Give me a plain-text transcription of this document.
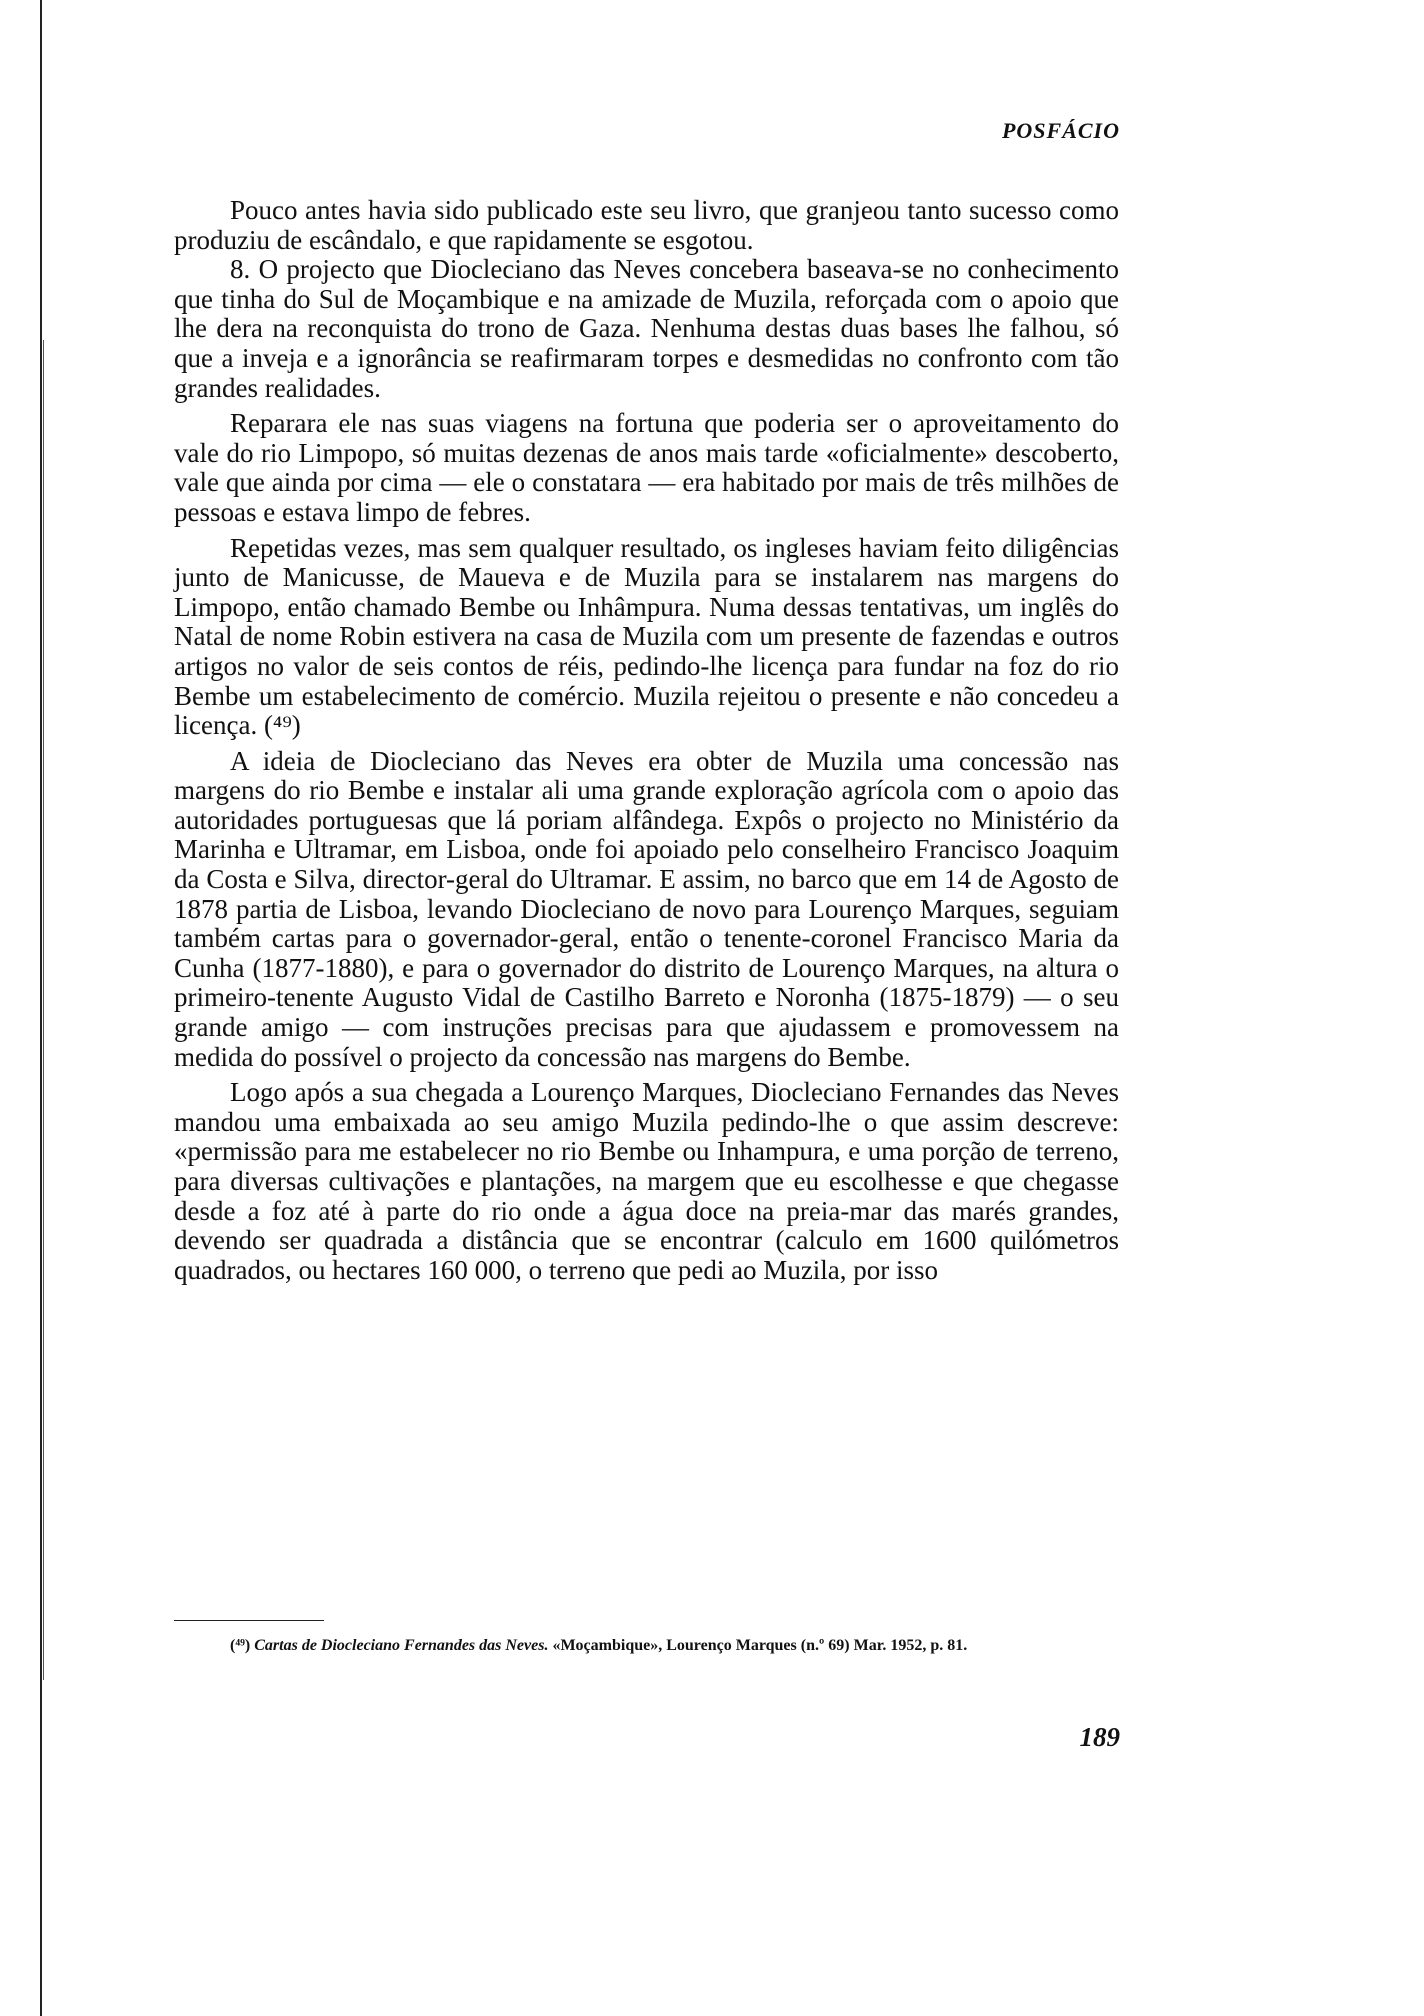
POSFÁCIO

Pouco antes havia sido publicado este seu livro, que granjeou tanto sucesso como produziu de escândalo, e que rapidamente se esgotou.

8. O projecto que Diocleciano das Neves concebera baseava-se no conhecimento que tinha do Sul de Moçambique e na amizade de Muzila, reforçada com o apoio que lhe dera na reconquista do trono de Gaza. Nenhuma destas duas bases lhe falhou, só que a inveja e a ignorância se reafirmaram torpes e desmedidas no confronto com tão grandes realidades.

Reparara ele nas suas viagens na fortuna que poderia ser o aproveitamento do vale do rio Limpopo, só muitas dezenas de anos mais tarde «oficialmente» descoberto, vale que ainda por cima — ele o constatara — era habitado por mais de três milhões de pessoas e estava limpo de febres.

Repetidas vezes, mas sem qualquer resultado, os ingleses haviam feito diligências junto de Manicusse, de Maueva e de Muzila para se instalarem nas margens do Limpopo, então chamado Bembe ou Inhâmpura. Numa dessas tentativas, um inglês do Natal de nome Robin estivera na casa de Muzila com um presente de fazendas e outros artigos no valor de seis contos de réis, pedindo-lhe licença para fundar na foz do rio Bembe um estabelecimento de comércio. Muzila rejeitou o presente e não concedeu a licença. (⁴⁹)

A ideia de Diocleciano das Neves era obter de Muzila uma concessão nas margens do rio Bembe e instalar ali uma grande exploração agrícola com o apoio das autoridades portuguesas que lá poriam alfândega. Expôs o projecto no Ministério da Marinha e Ultramar, em Lisboa, onde foi apoiado pelo conselheiro Francisco Joaquim da Costa e Silva, director-geral do Ultramar. E assim, no barco que em 14 de Agosto de 1878 partia de Lisboa, levando Diocleciano de novo para Lourenço Marques, seguiam também cartas para o governador-geral, então o tenente-coronel Francisco Maria da Cunha (1877-1880), e para o governador do distrito de Lourenço Marques, na altura o primeiro-tenente Augusto Vidal de Castilho Barreto e Noronha (1875-1879) — o seu grande amigo — com instruções precisas para que ajudassem e promovessem na medida do possível o projecto da concessão nas margens do Bembe.

Logo após a sua chegada a Lourenço Marques, Diocleciano Fernandes das Neves mandou uma embaixada ao seu amigo Muzila pedindo-lhe o que assim descreve: «permissão para me estabelecer no rio Bembe ou Inhampura, e uma porção de terreno, para diversas cultivações e plantações, na margem que eu escolhesse e que chegasse desde a foz até à parte do rio onde a água doce na preia-mar das marés grandes, devendo ser quadrada a distância que se encontrar (calculo em 1600 quilómetros quadrados, ou hectares 160 000, o terreno que pedi ao Muzila, por isso

(⁴⁹) Cartas de Diocleciano Fernandes das Neves. «Moçambique», Lourenço Marques (n.º 69) Mar. 1952, p. 81.
189
